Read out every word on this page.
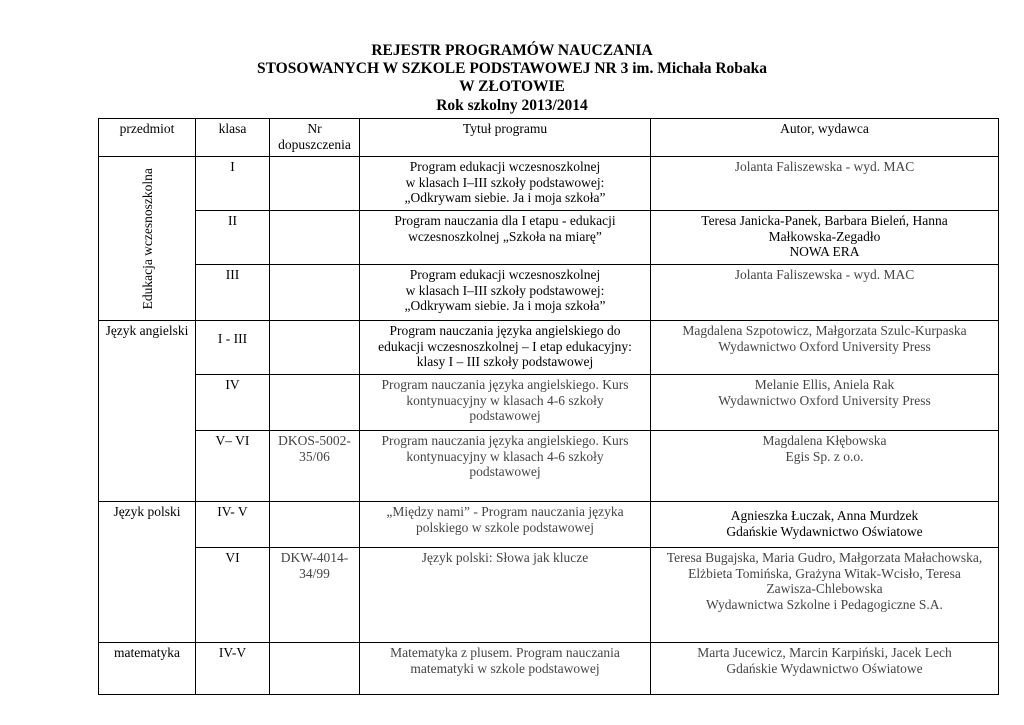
REJESTR PROGRAMÓW NAUCZANIA
STOSOWANYCH W SZKOLE PODSTAWOWEJ NR 3 im. Michała Robaka
W ZŁOTOWIE
Rok szkolny 2013/2014
przedmiot	klasa	Nr dopuszczenia	Tytuł programu	Autor, wydawca

Edukacja wczesnoszkolna	I		Program edukacji wczesnoszkolnej
w klasach I–III szkoły podstawowej:
„Odkrywam siebie. Ja i moja szkoła”	Jolanta Faliszewska - wyd. MAC

	II		Program nauczania dla I etapu - edukacji
wczesnoszkolnej „Szkoła na miarę”	Teresa Janicka-Panek, Barbara Bieleń, Hanna
Małkowska-Zegadło
NOWA ERA

	III		Program edukacji wczesnoszkolnej
w klasach I–III szkoły podstawowej:
„Odkrywam siebie. Ja i moja szkoła”	Jolanta Faliszewska - wyd. MAC

Język angielski	I - III		Program nauczania języka angielskiego do
edukacji wczesnoszkolnej – I etap edukacyjny:
klasy I – III szkoły podstawowej	Magdalena Szpotowicz, Małgorzata Szulc-Kurpaska
Wydawnictwo Oxford University Press

	IV		Program nauczania języka angielskiego. Kurs
kontynuacyjny w klasach 4-6 szkoły
podstawowej	Melanie Ellis, Aniela Rak
Wydawnictwo Oxford University Press

	V– VI	DKOS-5002-
35/06	Program nauczania języka angielskiego. Kurs
kontynuacyjny w klasach 4-6 szkoły
podstawowej	Magdalena Kłębowska
Egis Sp. z o.o.

Język polski	IV- V		„Między nami” - Program nauczania języka
polskiego w szkole podstawowej	Agnieszka Łuczak, Anna Murdzek
Gdańskie Wydawnictwo Oświatowe

	VI	DKW-4014-
34/99	Język polski: Słowa jak klucze	Teresa Bugajska, Maria Gudro, Małgorzata Małachowska,
Elżbieta Tomińska, Grażyna Witak-Wcisło, Teresa
Zawisza-Chlebowska
Wydawnictwa Szkolne i Pedagogiczne S.A.

matematyka	IV-V		Matematyka z plusem. Program nauczania
matematyki w szkole podstawowej	Marta Jucewicz, Marcin Karpiński, Jacek Lech
Gdańskie Wydawnictwo Oświatowe
